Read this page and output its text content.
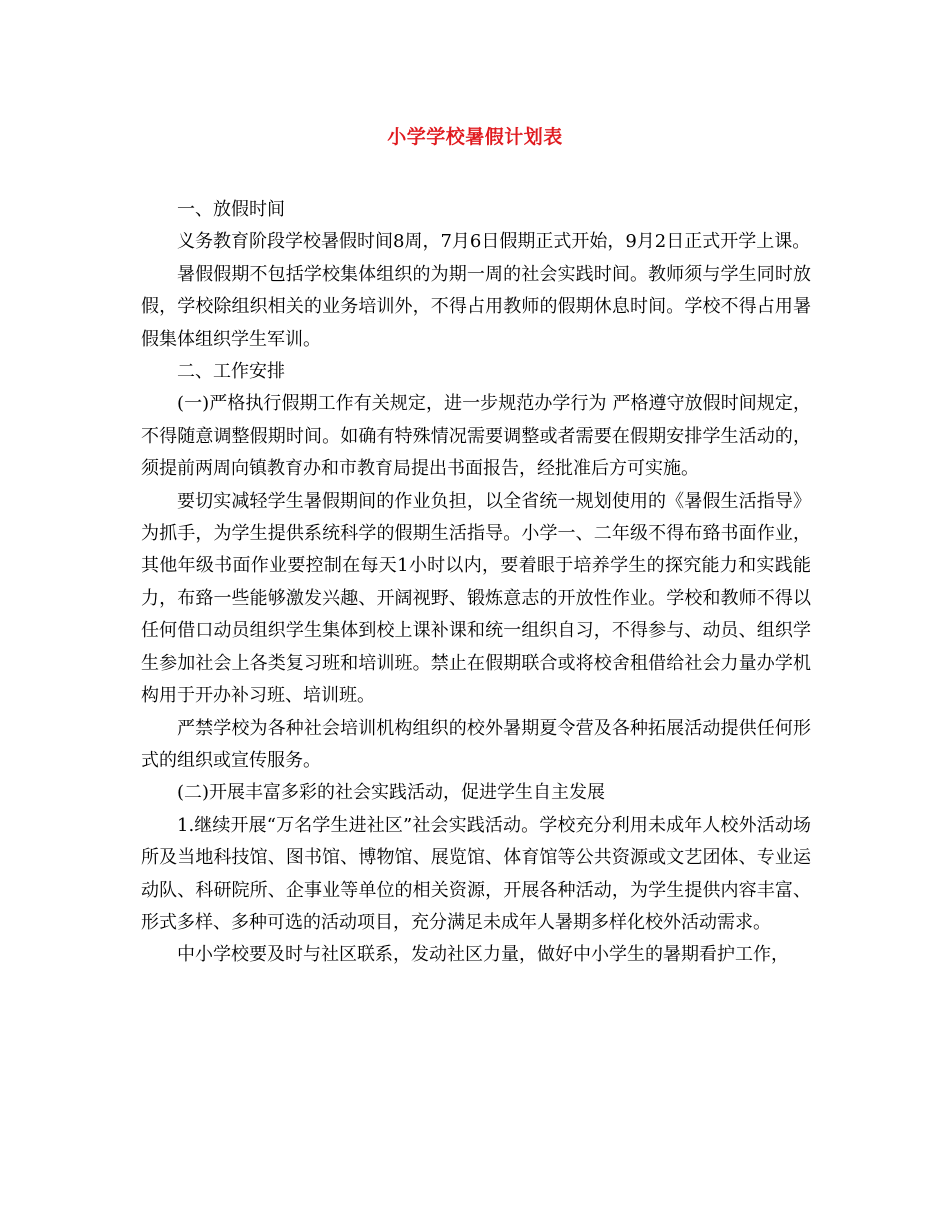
小学学校暑假计划表

一、放假时间

义务教育阶段学校暑假时间8周，7月6日假期正式开始，9月2日正式开学上课。

暑假假期不包括学校集体组织的为期一周的社会实践时间。教师须与学生同时放假，学校除组织相关的业务培训外，不得占用教师的假期休息时间。学校不得占用暑假集体组织学生军训。

二、工作安排

(一)严格执行假期工作有关规定，进一步规范办学行为 严格遵守放假时间规定，不得随意调整假期时间。如确有特殊情况需要调整或者需要在假期安排学生活动的，须提前两周向镇教育办和市教育局提出书面报告，经批准后方可实施。

要切实减轻学生暑假期间的作业负担，以全省统一规划使用的《暑假生活指导》为抓手，为学生提供系统科学的假期生活指导。小学一、二年级不得布臵书面作业，其他年级书面作业要控制在每天1小时以内，要着眼于培养学生的探究能力和实践能力，布臵一些能够激发兴趣、开阔视野、锻炼意志的开放性作业。学校和教师不得以任何借口动员组织学生集体到校上课补课和统一组织自习，不得参与、动员、组织学生参加社会上各类复习班和培训班。禁止在假期联合或将校舍租借给社会力量办学机构用于开办补习班、培训班。

严禁学校为各种社会培训机构组织的校外暑期夏令营及各种拓展活动提供任何形式的组织或宣传服务。

(二)开展丰富多彩的社会实践活动，促进学生自主发展

1.继续开展“万名学生进社区”社会实践活动。学校充分利用未成年人校外活动场所及当地科技馆、图书馆、博物馆、展览馆、体育馆等公共资源或文艺团体、专业运动队、科研院所、企事业等单位的相关资源，开展各种活动，为学生提供内容丰富、形式多样、多种可选的活动项目，充分满足未成年人暑期多样化校外活动需求。

中小学校要及时与社区联系，发动社区力量，做好中小学生的暑期看护工作，
